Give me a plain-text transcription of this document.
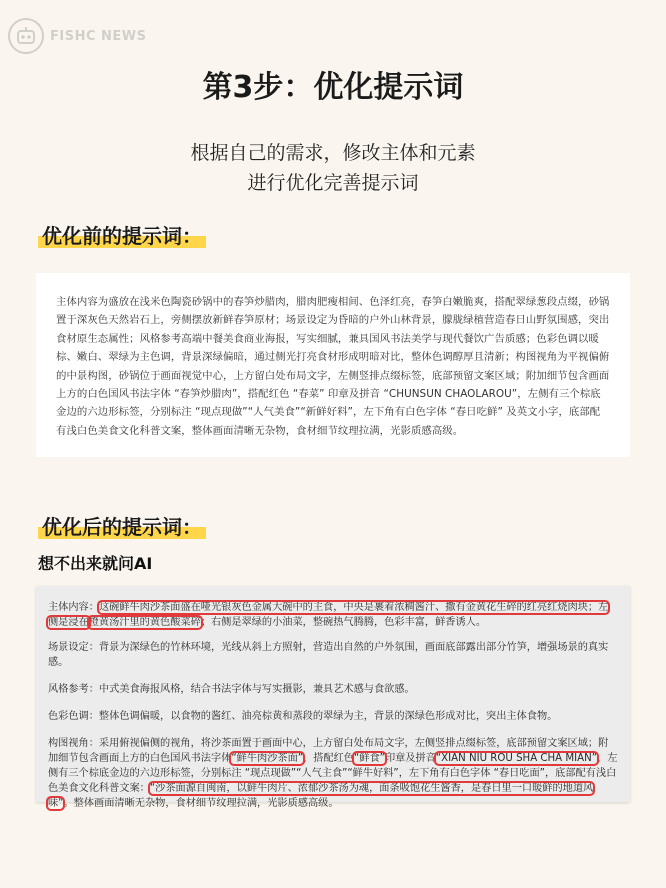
FISHC NEWS
第3步：优化提示词
根据自己的需求，修改主体和元素
进行优化完善提示词
优化前的提示词：

主体内容为盛放在浅米色陶瓷砂锅中的春笋炒腊肉，腊肉肥瘦相间、色泽红亮，春笋白嫩脆爽，搭配翠绿葱段点缀，砂锅置于深灰色天然岩石上，旁侧摆放新鲜春笋原材；场景设定为昏暗的户外山林背景，朦胧绿植营造春日山野氛围感，突出食材原生态属性；风格参考高端中餐美食商业海报，写实细腻，兼具国风书法美学与现代餐饮广告质感；色彩色调以暖棕、嫩白、翠绿为主色调，背景深绿偏暗，通过侧光打亮食材形成明暗对比，整体色调醇厚且清新；构图视角为平视偏俯的中景构图，砂锅位于画面视觉中心，上方留白处布局文字，左侧竖排点缀标签，底部预留文案区域；附加细节包含画面上方的白色国风书法字体 “春笋炒腊肉”，搭配红色 “春菜” 印章及拼音 “CHUNSUN CHAOLAROU”，左侧有三个棕底金边的六边形标签，分别标注 “现点现做”“人气美食”“新鲜好料”，左下角有白色字体 “春日吃鲜” 及英文小字，底部配有浅白色美食文化科普文案，整体画面清晰无杂物，食材细节纹理拉满，光影质感高级。

优化后的提示词：
想不出来就问AI

主体内容：这碗鲜牛肉沙茶面盛在哑光银灰色金属大碗中的主食，中央是裹着浓稠酱汁、撒有金黄花生碎的红亮红烧肉块；左侧是浸在橙黄汤汁里的黄色酸菜碎；右侧是翠绿的小油菜，整碗热气腾腾，色彩丰富，鲜香诱人。

场景设定：背景为深绿色的竹林环境，光线从斜上方照射，营造出自然的户外氛围，画面底部露出部分竹笋，增强场景的真实感。

风格参考：中式美食海报风格，结合书法字体与写实摄影，兼具艺术感与食欲感。

色彩色调：整体色调偏暖，以食物的酱红、油亮棕黄和蒸段的翠绿为主，背景的深绿色形成对比，突出主体食物。

构图视角：采用俯视偏侧的视角，将沙茶面置于画面中心，上方留白处布局文字，左侧竖排点缀标签，底部预留文案区域；附加细节包含画面上方的白色国风书法字体“鲜牛肉沙茶面”，搭配红色“鲜食”印章及拼音“XIAN NIU ROU SHA CHA MIAN”，左侧有三个棕底金边的六边形标签，分别标注 “现点现做”“人气主食”“鲜牛好料”，左下角有白色字体 “春日吃面”，底部配有浅白色美食文化科普文案：“沙茶面源自闽南，以鲜牛肉片、浓郁沙茶汤为魂，面条吸饱花生酱香，是春日里一口暖鲜的地道风味”。整体画面清晰无杂物，食材细节纹理拉满，光影质感高级。
